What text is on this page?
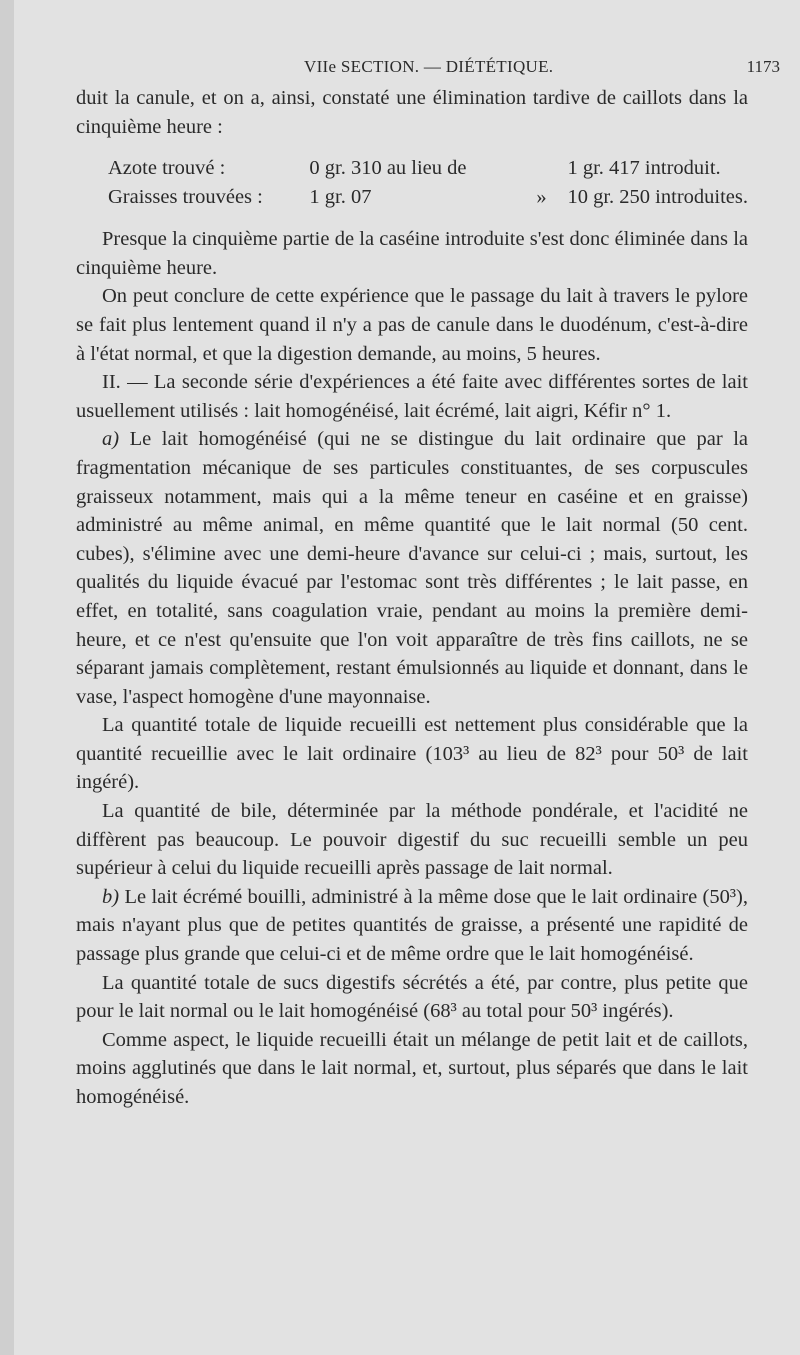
VIIe SECTION. — DIÉTÉTIQUE.	1173

duit la canule, et on a, ainsi, constaté une élimination tardive de caillots dans la cinquième heure :

Azote trouvé :	0 gr. 310 au lieu de		1 gr. 417 introduit.
Graisses trouvées :	1 gr. 07	»	10 gr. 250 introduites.

Presque la cinquième partie de la caséine introduite s'est donc éliminée dans la cinquième heure.

On peut conclure de cette expérience que le passage du lait à travers le pylore se fait plus lentement quand il n'y a pas de canule dans le duodénum, c'est-à-dire à l'état normal, et que la digestion demande, au moins, 5 heures.

II. — La seconde série d'expériences a été faite avec différentes sortes de lait usuellement utilisés : lait homogénéisé, lait écrémé, lait aigri, Kéfir n° 1.

a) Le lait homogénéisé (qui ne se distingue du lait ordinaire que par la fragmentation mécanique de ses particules constituantes, de ses corpuscules graisseux notamment, mais qui a la même teneur en caséine et en graisse) administré au même animal, en même quantité que le lait normal (50 cent. cubes), s'élimine avec une demi-heure d'avance sur celui-ci ; mais, surtout, les qualités du liquide évacué par l'estomac sont très différentes ; le lait passe, en effet, en totalité, sans coagulation vraie, pendant au moins la première demi-heure, et ce n'est qu'ensuite que l'on voit apparaître de très fins caillots, ne se séparant jamais complètement, restant émulsionnés au liquide et donnant, dans le vase, l'aspect homogène d'une mayonnaise.

La quantité totale de liquide recueilli est nettement plus considérable que la quantité recueillie avec le lait ordinaire (103³ au lieu de 82³ pour 50³ de lait ingéré).

La quantité de bile, déterminée par la méthode pondérale, et l'acidité ne diffèrent pas beaucoup. Le pouvoir digestif du suc recueilli semble un peu supérieur à celui du liquide recueilli après passage de lait normal.

b) Le lait écrémé bouilli, administré à la même dose que le lait ordinaire (50³), mais n'ayant plus que de petites quantités de graisse, a présenté une rapidité de passage plus grande que celui-ci et de même ordre que le lait homogénéisé.

La quantité totale de sucs digestifs sécrétés a été, par contre, plus petite que pour le lait normal ou le lait homogénéisé (68³ au total pour 50³ ingérés).

Comme aspect, le liquide recueilli était un mélange de petit lait et de caillots, moins agglutinés que dans le lait normal, et, surtout, plus séparés que dans le lait homogénéisé.
